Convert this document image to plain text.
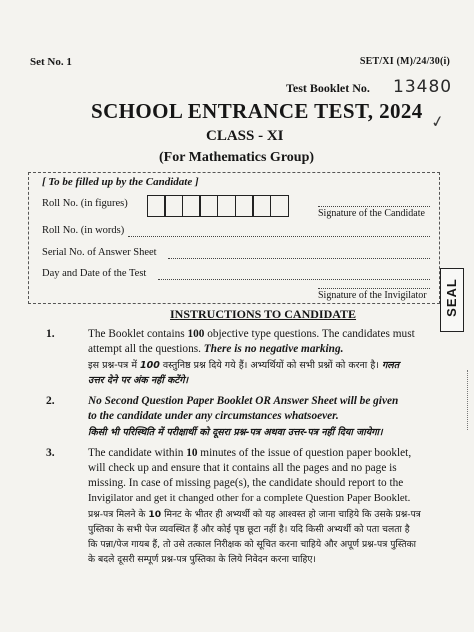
Set No. 1	SET/XI (M)/24/30(i)
Test Booklet No. 13480
✓
SCHOOL ENTRANCE TEST, 2024
CLASS - XI
(For Mathematics Group)
[ To be filled up by the Candidate ]
Roll No. (in figures)
Signature of the Candidate
Roll No. (in words)
Serial No. of Answer Sheet
Day and Date of the Test
Signature of the Invigilator SEAL
INSTRUCTIONS TO CANDIDATE
1.	The Booklet contains 100 objective type questions. The candidates must
attempt all the questions. There is no negative marking.
इस प्रश्न-पत्र में 100 वस्तुनिष्ठ प्रश्न दिये गये हैं। अभ्यर्थियों को सभी प्रश्नों को करना है। गलत
उत्तर देने पर अंक नहीं कटेंगे।
2.	No Second Question Paper Booklet OR Answer Sheet will be given
to the candidate under any circumstances whatsoever.
किसी भी परिस्थिति में परीक्षार्थी को दूसरा प्रश्न-पत्र अथवा उत्तर-पत्र नहीं दिया जायेगा।
3.	The candidate within 10 minutes of the issue of question paper booklet,
will check up and ensure that it contains all the pages and no page is
missing. In case of missing page(s), the candidate should report to the
Invigilator and get it changed other for a complete Question Paper Booklet.
प्रश्न-पत्र मिलने के 10 मिनट के भीतर ही अभ्यर्थी को यह आश्वस्त हो जाना चाहिये कि उसके प्रश्न-पत्र
पुस्तिका के सभी पेज व्यवस्थित हैं और कोई पृष्ठ छूटा नहीं है। यदि किसी अभ्यर्थी को पता चलता है
कि पन्ना/पेज गायब हैं, तो उसे तत्काल निरीक्षक को सूचित करना चाहिये और अपूर्ण प्रश्न-पत्र पुस्तिका
के बदले दूसरी सम्पूर्ण प्रश्न-पत्र पुस्तिका के लिये निवेदन करना चाहिए।
